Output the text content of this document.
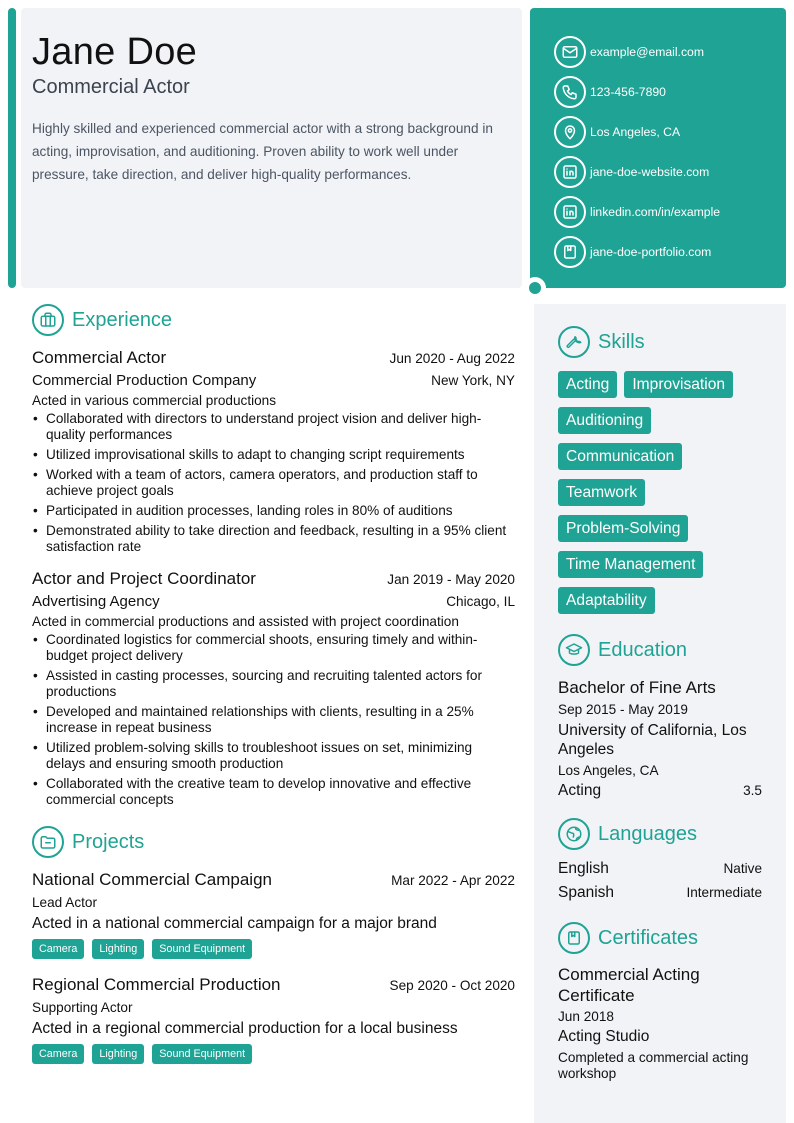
Jane Doe
Commercial Actor
Highly skilled and experienced commercial actor with a strong background in acting, improvisation, and auditioning. Proven ability to work well under pressure, take direction, and deliver high-quality performances.
example@email.com
123-456-7890
Los Angeles, CA
jane-doe-website.com
linkedin.com/in/example
jane-doe-portfolio.com
Experience
Commercial Actor	Jun 2020 - Aug 2022
Commercial Production Company	New York, NY
Acted in various commercial productions
• Collaborated with directors to understand project vision and deliver high-quality performances
• Utilized improvisational skills to adapt to changing script requirements
• Worked with a team of actors, camera operators, and production staff to achieve project goals
• Participated in audition processes, landing roles in 80% of auditions
• Demonstrated ability to take direction and feedback, resulting in a 95% client satisfaction rate
Actor and Project Coordinator	Jan 2019 - May 2020
Advertising Agency	Chicago, IL
Acted in commercial productions and assisted with project coordination
• Coordinated logistics for commercial shoots, ensuring timely and within-budget project delivery
• Assisted in casting processes, sourcing and recruiting talented actors for productions
• Developed and maintained relationships with clients, resulting in a 25% increase in repeat business
• Utilized problem-solving skills to troubleshoot issues on set, minimizing delays and ensuring smooth production
• Collaborated with the creative team to develop innovative and effective commercial concepts
Projects
National Commercial Campaign	Mar 2022 - Apr 2022
Lead Actor
Acted in a national commercial campaign for a major brand
Camera	Lighting	Sound Equipment
Regional Commercial Production	Sep 2020 - Oct 2020
Supporting Actor
Acted in a regional commercial production for a local business
Camera	Lighting	Sound Equipment
Skills
Acting	Improvisation
Auditioning
Communication
Teamwork
Problem-Solving
Time Management
Adaptability
Education
Bachelor of Fine Arts
Sep 2015 - May 2019
University of California, Los Angeles
Los Angeles, CA
Acting	3.5
Languages
English	Native
Spanish	Intermediate
Certificates
Commercial Acting Certificate
Jun 2018
Acting Studio
Completed a commercial acting workshop
